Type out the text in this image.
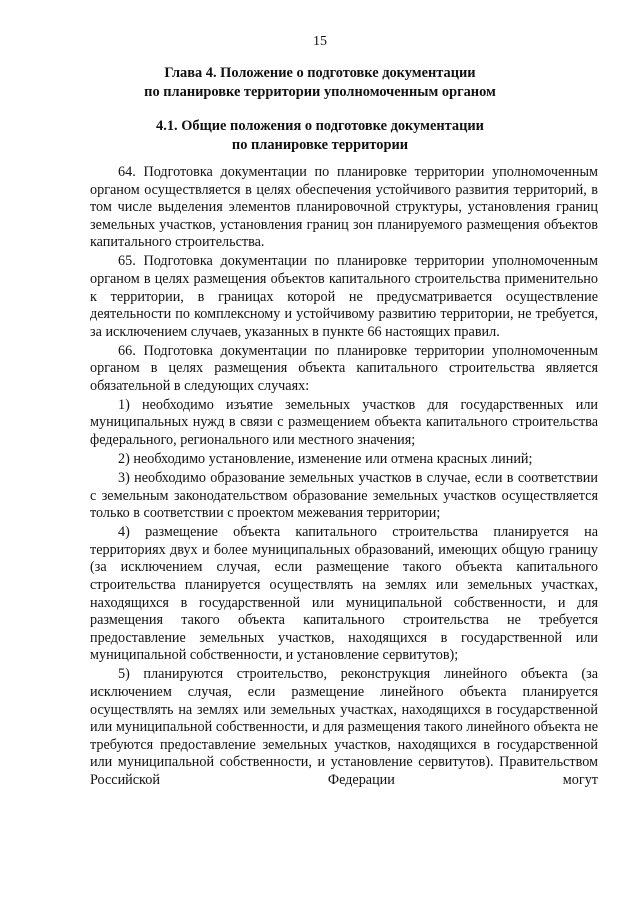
15
Глава 4. Положение о подготовке документации
по планировке территории уполномоченным органом
4.1. Общие положения о подготовке документации
по планировке территории

64. Подготовка документации по планировке территории уполномоченным органом осуществляется в целях обеспечения устойчивого развития территорий, в том числе выделения элементов планировочной структуры, установления границ земельных участков, установления границ зон планируемого размещения объектов капитального строительства.

65. Подготовка документации по планировке территории уполномоченным органом в целях размещения объектов капитального строительства применительно к территории, в границах которой не предусматривается осуществление деятельности по комплексному и устойчивому развитию территории, не требуется, за исключением случаев, указанных в пункте 66 настоящих правил.

66. Подготовка документации по планировке территории уполномоченным органом в целях размещения объекта капитального строительства является обязательной в следующих случаях:

1) необходимо изъятие земельных участков для государственных или муниципальных нужд в связи с размещением объекта капитального строительства федерального, регионального или местного значения;

2) необходимо установление, изменение или отмена красных линий;

3) необходимо образование земельных участков в случае, если в соответствии с земельным законодательством образование земельных участков осуществляется только в соответствии с проектом межевания территории;

4) размещение объекта капитального строительства планируется на территориях двух и более муниципальных образований, имеющих общую границу (за исключением случая, если размещение такого объекта капитального строительства планируется осуществлять на землях или земельных участках, находящихся в государственной или муниципальной собственности, и для размещения такого объекта капитального строительства не требуется предоставление земельных участков, находящихся в государственной или муниципальной собственности, и установление сервитутов);

5) планируются строительство, реконструкция линейного объекта (за исключением случая, если размещение линейного объекта планируется осуществлять на землях или земельных участках, находящихся в государственной или муниципальной собственности, и для размещения такого линейного объекта не требуются предоставление земельных участков, находящихся в государственной или муниципальной собственности, и установление сервитутов). Правительством Российской Федерации могут
